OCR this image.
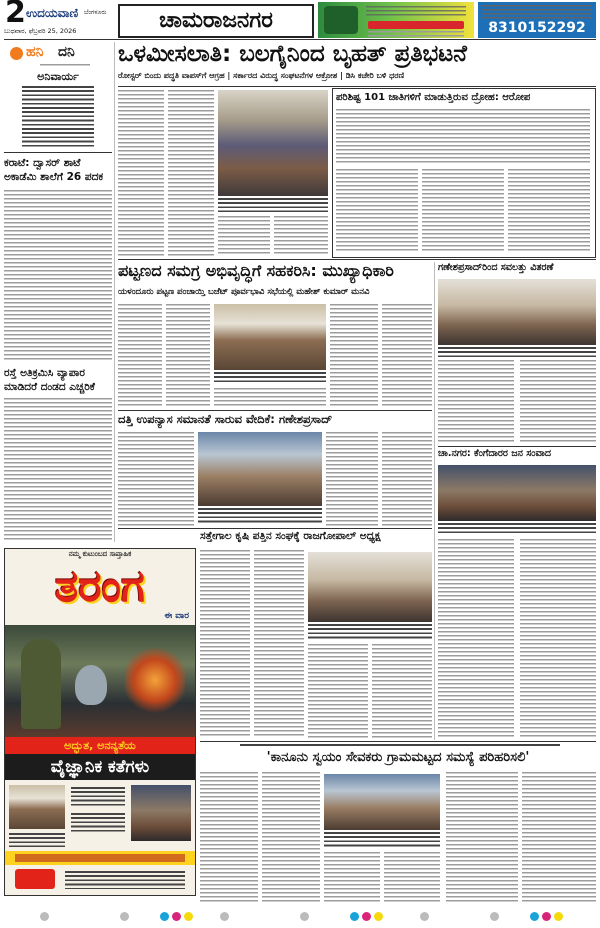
2 ಉದಯವಾಣಿ ಬೆಂಗಳೂರು
ಬುಧವಾರ, ಫೆಬ್ರವರಿ 25, 2026	ಚಾಮರಾಜನಗರ	8310152292
ಹನಿ ದನಿ
ಅನಿವಾರ್ಯ
ಕರಾಟೆ: ದ್ವಾಸರ್ ಶಾಟೆ ಅಕಾಡೆಮಿ ಶಾಲೆಗೆ 26 ಪದಕ
ರಸ್ತೆ ಅತಿಕ್ರಮಿಸಿ ವ್ಯಾಪಾರ ಮಾಡಿದರೆ ದಂಡದ ಎಚ್ಚರಿಕೆ
ಒಳಮೀಸಲಾತಿ: ಬಲಗೈನಿಂದ ಬೃಹತ್ ಪ್ರತಿಭಟನೆ
ರೋಸ್ಟರ್ ಬಿಂದು ಪದ್ಧತಿ ವಾಪಸ್‌ಗೆ ಆಗ್ರಹ | ಸರ್ಕಾರದ ವಿರುದ್ಧ ಸಂಘಟನೆಗಳ ಆಕ್ರೋಶ | ಡಿಸಿ ಕಚೇರಿ ಬಳಿ ಧರಣಿ
ಪರಿಶಿಷ್ಟ 101 ಜಾತಿಗಳಿಗೆ ಮಾಡುತ್ತಿರುವ ದ್ರೋಹ: ಆರೋಪ
ಪಟ್ಟಣದ ಸಮಗ್ರ ಅಭಿವೃದ್ಧಿಗೆ ಸಹಕರಿಸಿ: ಮುಖ್ಯಾಧಿಕಾರಿ
ಯಳಂದೂರು ಪಟ್ಟಣ ಪಂಚಾಯ್ತಿ ಬಜೆಟ್ ಪೂರ್ವಭಾವಿ ಸಭೆಯಲ್ಲಿ ಮಹೇಶ್ ಕುಮಾರ್ ಮನವಿ
ಗಣೇಶಪ್ರಸಾದ್‌ರಿಂದ ಸವಲತ್ತು ವಿತರಣೆ
ದತ್ತಿ ಉಪನ್ಯಾಸ ಸಮಾನತೆ ಸಾರುವ ವೇದಿಕೆ: ಗಣೇಶಪ್ರಸಾದ್
ಚಾ.ನಗರ: ಕೆಂಗೆದಾರರ ಜನ ಸಂವಾದ
ಸತ್ತೇಗಾಲ ಕೃಷಿ ಪತ್ತಿನ ಸಂಘಕ್ಕೆ ರಾಜಗೋಪಾಲ್ ಅಧ್ಯಕ್ಷ
ನಮ್ಮ ಕುಟುಂಬದ ಸಾಪ್ತಾಹಿಕ
ತರಂಗ
ಈ ವಾರ
ಅದ್ಭುತ, ಅನನ್ಯತೆಯ
ವೈಜ್ಞಾನಿಕ ಕತೆಗಳು	'ಕಾನೂನು ಸ್ವಯಂ ಸೇವಕರು ಗ್ರಾಮಮಟ್ಟದ ಸಮಸ್ಯೆ ಪರಿಹರಿಸಲಿ'
